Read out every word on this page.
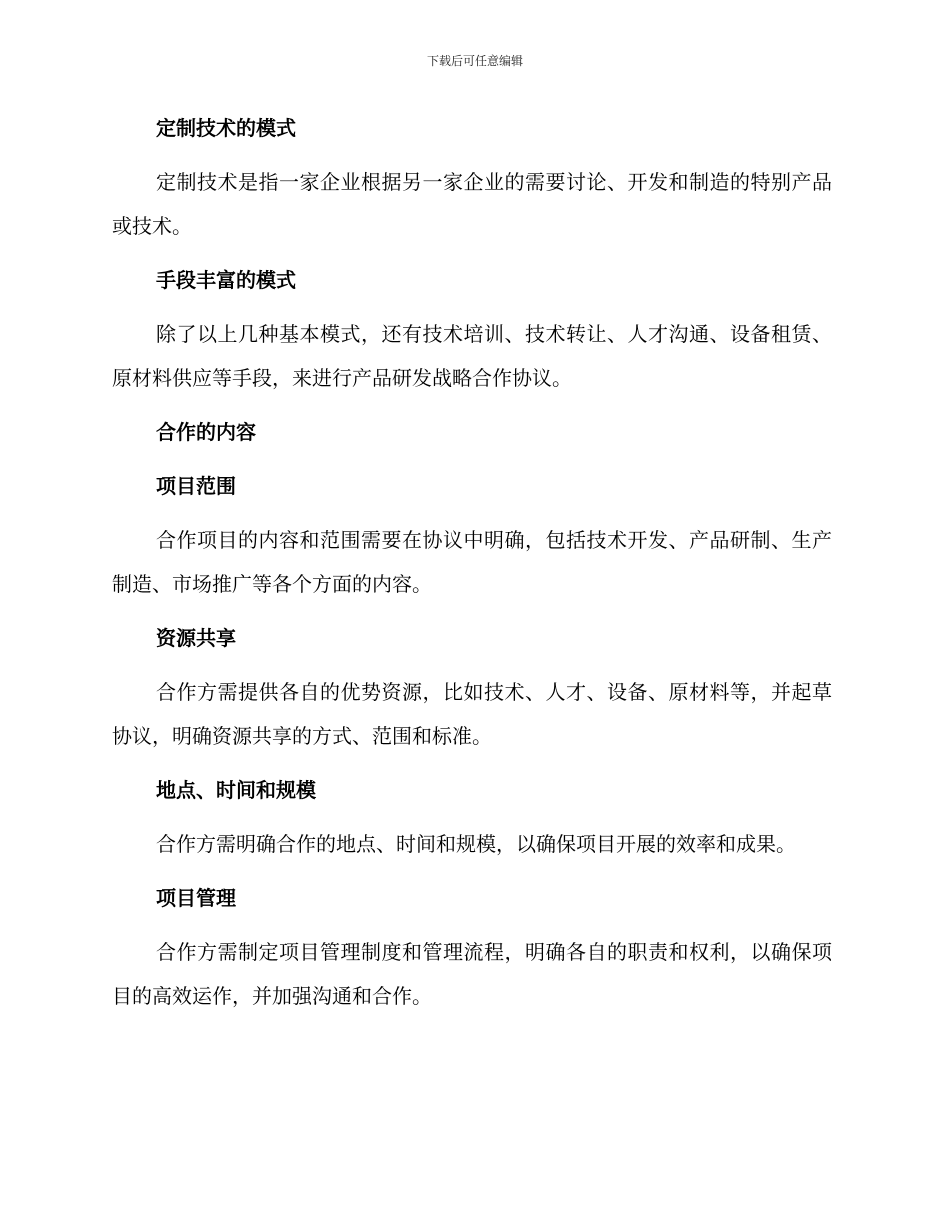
下载后可任意编辑
定制技术的模式
定制技术是指一家企业根据另一家企业的需要讨论、开发和制造的特别产品或技术。
手段丰富的模式
除了以上几种基本模式，还有技术培训、技术转让、人才沟通、设备租赁、原材料供应等手段，来进行产品研发战略合作协议。
合作的内容
项目范围
合作项目的内容和范围需要在协议中明确，包括技术开发、产品研制、生产制造、市场推广等各个方面的内容。
资源共享
合作方需提供各自的优势资源，比如技术、人才、设备、原材料等，并起草协议，明确资源共享的方式、范围和标准。
地点、时间和规模
合作方需明确合作的地点、时间和规模，以确保项目开展的效率和成果。
项目管理
合作方需制定项目管理制度和管理流程，明确各自的职责和权利，以确保项目的高效运作，并加强沟通和合作。
